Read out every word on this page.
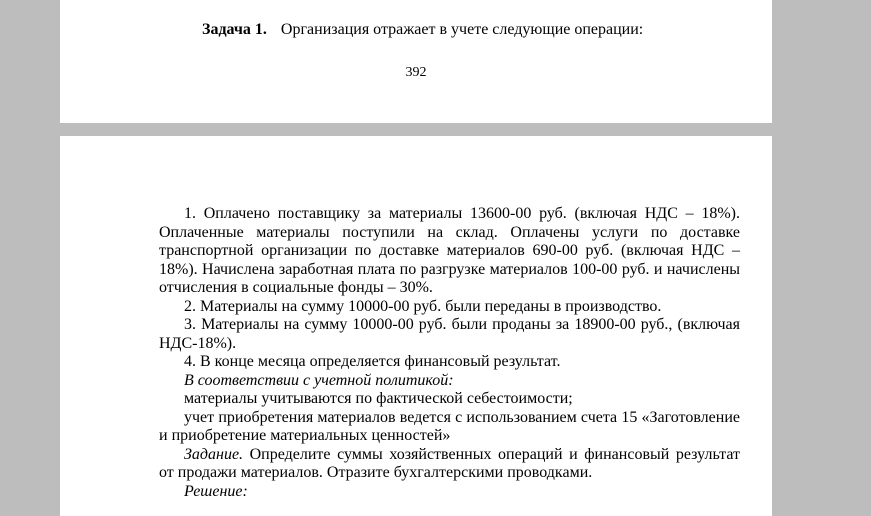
Задача 1. Организация отражает в учете следующие операции:
392

1. Оплачено поставщику за материалы 13600-00 руб. (включая НДС – 18%). Оплаченные материалы поступили на склад. Оплачены услуги по доставке транспортной организации по доставке материалов 690-00 руб. (включая НДС – 18%). Начислена заработная плата по разгрузке материалов 100-00 руб. и начислены отчисления в социальные фонды – 30%.

2. Материалы на сумму 10000-00 руб. были переданы в производство.

3. Материалы на сумму 10000-00 руб. были проданы за 18900-00 руб., (включая НДС-18%).

4. В конце месяца определяется финансовый результат.

В соответствии с учетной политикой:

материалы учитываются по фактической себестоимости;

учет приобретения материалов ведется с использованием счета 15 «Заготовление и приобретение материальных ценностей»

Задание. Определите суммы хозяйственных операций и финансовый результат от продажи материалов. Отразите бухгалтерскими проводками.

Решение:
